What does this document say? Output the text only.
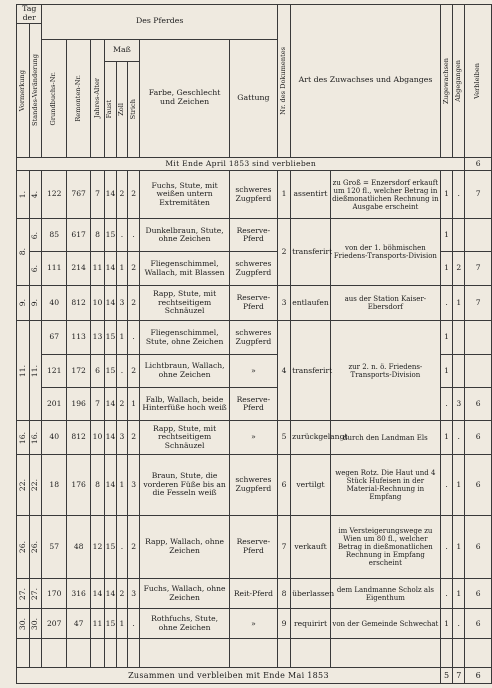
Tag der		Des Pferdes								Nr. des Dokumentes	Art des Zuwachses und Abganges		Zugewachsen	Abgegangen	Verbleiben

Vormerkung	Standes-Veränderung														

		Grundbuchs-Nr.	Remonten-Nr.	Jahres-Alter	Maß			Farbe, Geschlecht und Zeichen	Gattung						

					Faust	Zoll	Strich								

Mit Ende April 1853 sind verblieben															6

1.	4.	122	767	7	14	2	2	Fuchs, Stute, mit weißen untern Extremitäten	schweres Zugpferd	1	assentirt	zu Groß = Enzersdorf erkauft um 120 fl., welcher Betrag in dießmonatlichen Rechnung in Ausgabe erscheint	1	.	7

8.	6.	85	617	8	15	.	.	Dunkelbraun, Stute, ohne Zeichen	Reserve-Pferd	2	transferirt	von der 1. böhmischen Friedens-Transports-Division	1		

	6.	111	214	11	14	1	2	Fliegenschimmel, Wallach, mit Blassen	schweres Zugpferd				1	2	7

9.	9.	40	812	10	14	3	2	Rapp, Stute, mit rechtseitigem Schnäuzel	Reserve-Pferd	3	entlaufen	aus der Station Kaiser-Ebersdorf	.	1	7

11.	11.	67	113	13	15	1	.	Fliegenschimmel, Stute, ohne Zeichen	schweres Zugpferd	4	transferirt	zur 2. n. ö. Friedens-Transports-Division	1		
		121	172	6	15	.	2	Lichtbraun, Wallach, ohne Zeichen	»				1		
		201	196	7	14	2	1	Falb, Wallach, beide Hinterfüße hoch weiß	Reserve-Pferd				.	3	6

16.	16.	40	812	10	14	3	2	Rapp, Stute, mit rechtseitigem Schnäuzel	»	5	zurückgelangt	durch den Landman Els	1	.	6

22.	22.	18	176	8	14	1	3	Braun, Stute, die vorderen Füße bis an die Fesseln weiß	schweres Zugpferd	6	vertilgt	wegen Rotz. Die Haut und 4 Stück Hufeisen in der Material-Rechnung in Empfang	.	1	6

26.	26.	57	48	12	15	.	2	Rapp, Wallach, ohne Zeichen	Reserve-Pferd	7	verkauft	im Versteigerungswege zu Wien um 80 fl., welcher Betrag in dießmonatlichen Rechnung in Empfang erscheint	.	1	6

27.	27.	170	316	14	14	2	3	Fuchs, Wallach, ohne Zeichen	Reit-Pferd	8	überlassen	dem Landmanne Scholz als Eigenthum	.	1	6

30.	30.	207	47	11	15	1	.	Rothfuchs, Stute, ohne Zeichen	»	9	requirirt	von der Gemeinde Schwechat	1	.	6

Zusammen und verbleiben mit Ende Mai 1853													5	7	6
